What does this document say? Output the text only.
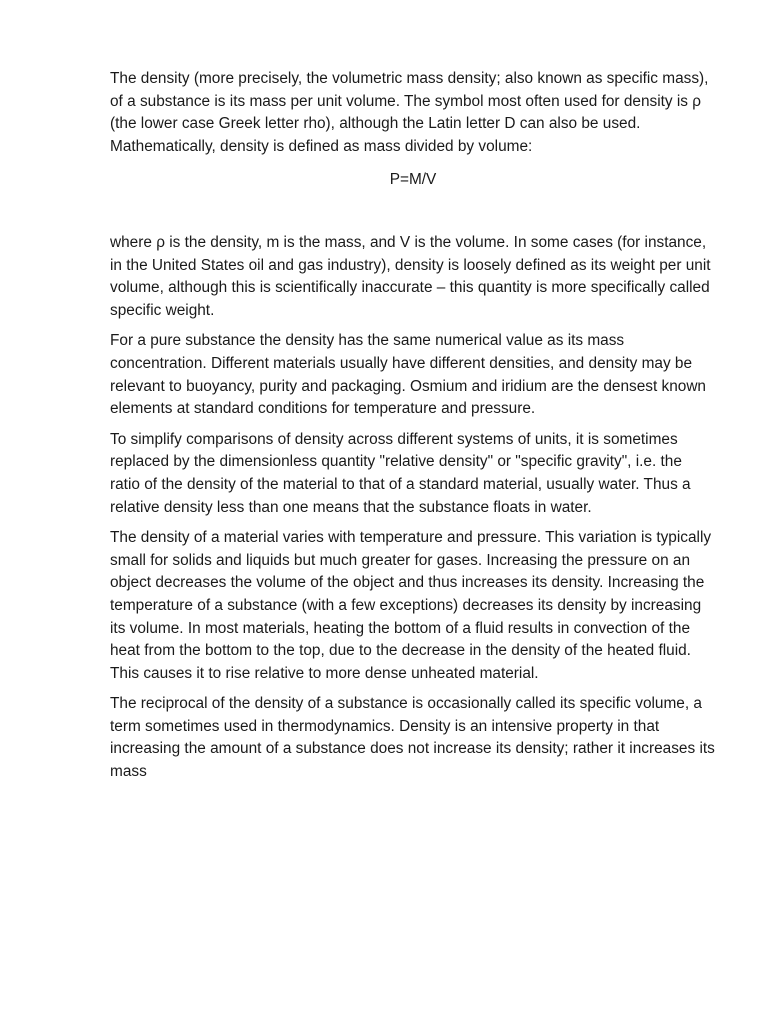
The density (more precisely, the volumetric mass density; also known as specific mass), of a substance is its mass per unit volume. The symbol most often used for density is ρ (the lower case Greek letter rho), although the Latin letter D can also be used. Mathematically, density is defined as mass divided by volume:

P=M/V

where ρ is the density, m is the mass, and V is the volume. In some cases (for instance, in the United States oil and gas industry), density is loosely defined as its weight per unit volume, although this is scientifically inaccurate – this quantity is more specifically called specific weight.

For a pure substance the density has the same numerical value as its mass concentration. Different materials usually have different densities, and density may be relevant to buoyancy, purity and packaging. Osmium and iridium are the densest known elements at standard conditions for temperature and pressure.

To simplify comparisons of density across different systems of units, it is sometimes replaced by the dimensionless quantity "relative density" or "specific gravity", i.e. the ratio of the density of the material to that of a standard material, usually water. Thus a relative density less than one means that the substance floats in water.

The density of a material varies with temperature and pressure. This variation is typically small for solids and liquids but much greater for gases. Increasing the pressure on an object decreases the volume of the object and thus increases its density. Increasing the temperature of a substance (with a few exceptions) decreases its density by increasing its volume. In most materials, heating the bottom of a fluid results in convection of the heat from the bottom to the top, due to the decrease in the density of the heated fluid. This causes it to rise relative to more dense unheated material.

The reciprocal of the density of a substance is occasionally called its specific volume, a term sometimes used in thermodynamics. Density is an intensive property in that increasing the amount of a substance does not increase its density; rather it increases its mass
